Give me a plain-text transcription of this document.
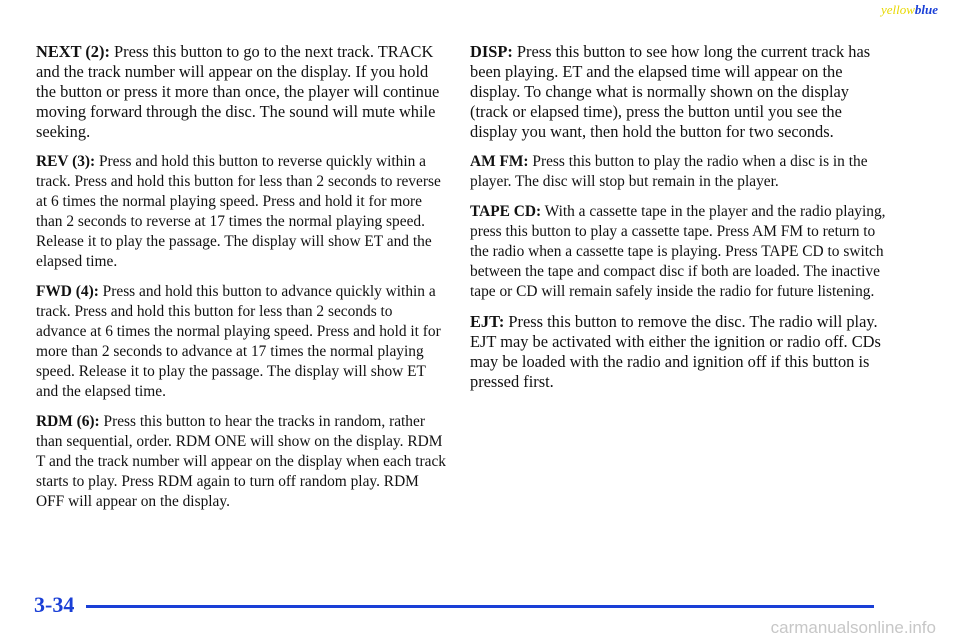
yellowblue

NEXT (2): Press this button to go to the next track. TRACK and the track number will appear on the display. If you hold the button or press it more than once, the player will continue moving forward through the disc. The sound will mute while seeking.

REV (3): Press and hold this button to reverse quickly within a track. Press and hold this button for less than 2 seconds to reverse at 6 times the normal playing speed. Press and hold it for more than 2 seconds to reverse at 17 times the normal playing speed. Release it to play the passage. The display will show ET and the elapsed time.

FWD (4): Press and hold this button to advance quickly within a track. Press and hold this button for less than 2 seconds to advance at 6 times the normal playing speed. Press and hold it for more than 2 seconds to advance at 17 times the normal playing speed. Release it to play the passage. The display will show ET and the elapsed time.

RDM (6): Press this button to hear the tracks in random, rather than sequential, order. RDM ONE will show on the display. RDM T and the track number will appear on the display when each track starts to play. Press RDM again to turn off random play. RDM OFF will appear on the display.

DISP: Press this button to see how long the current track has been playing. ET and the elapsed time will appear on the display. To change what is normally shown on the display (track or elapsed time), press the button until you see the display you want, then hold the button for two seconds.

AM FM: Press this button to play the radio when a disc is in the player. The disc will stop but remain in the player.

TAPE CD: With a cassette tape in the player and the radio playing, press this button to play a cassette tape. Press AM FM to return to the radio when a cassette tape is playing. Press TAPE CD to switch between the tape and compact disc if both are loaded. The inactive tape or CD will remain safely inside the radio for future listening.

EJT: Press this button to remove the disc. The radio will play. EJT may be activated with either the ignition or radio off. CDs may be loaded with the radio and ignition off if this button is pressed first.

3-34
carmanualsonline.info
